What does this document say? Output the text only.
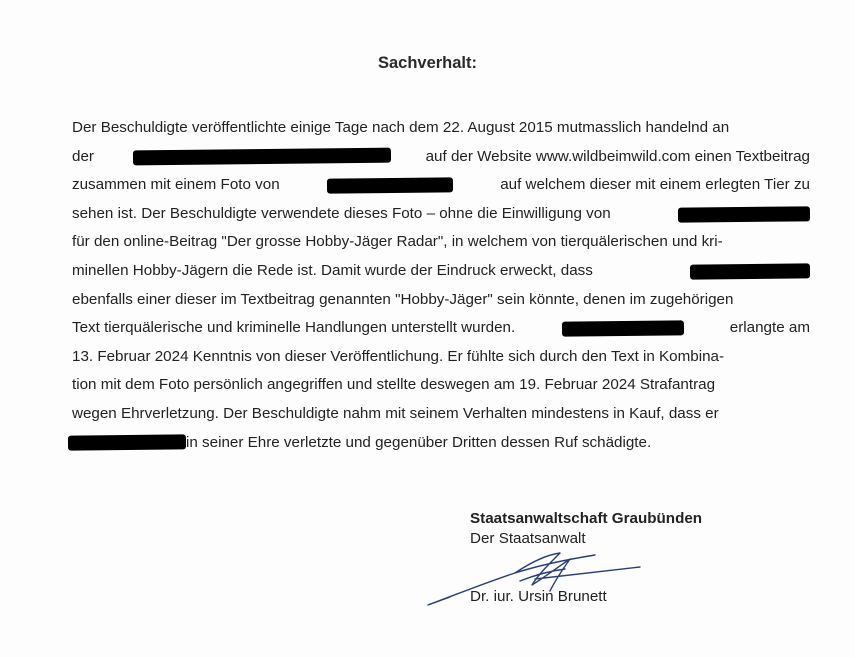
Sachverhalt:
Der Beschuldigte veröffentlichte einige Tage nach dem 22. August 2015 mutmasslich handelnd an
der	auf der Website www.wildbeimwild.com einen Textbeitrag
zusammen mit einem Foto von	auf welchem dieser mit einem erlegten Tier zu
sehen ist. Der Beschuldigte verwendete dieses Foto – ohne die Einwilligung von
für den online-Beitrag "Der grosse Hobby-Jäger Radar", in welchem von tierquälerischen und kri-
minellen Hobby-Jägern die Rede ist. Damit wurde der Eindruck erweckt, dass
ebenfalls einer dieser im Textbeitrag genannten "Hobby-Jäger" sein könnte, denen im zugehörigen
Text tierquälerische und kriminelle Handlungen unterstellt wurden.	erlangte am
13. Februar 2024 Kenntnis von dieser Veröffentlichung. Er fühlte sich durch den Text in Kombina-
tion mit dem Foto persönlich angegriffen und stellte deswegen am 19. Februar 2024 Strafantrag
wegen Ehrverletzung. Der Beschuldigte nahm mit seinem Verhalten mindestens in Kauf, dass er
in seiner Ehre verletzte und gegenüber Dritten dessen Ruf schädigte.
Staatsanwaltschaft Graubünden
Der Staatsanwalt
Dr. iur. Ursin Brunett
